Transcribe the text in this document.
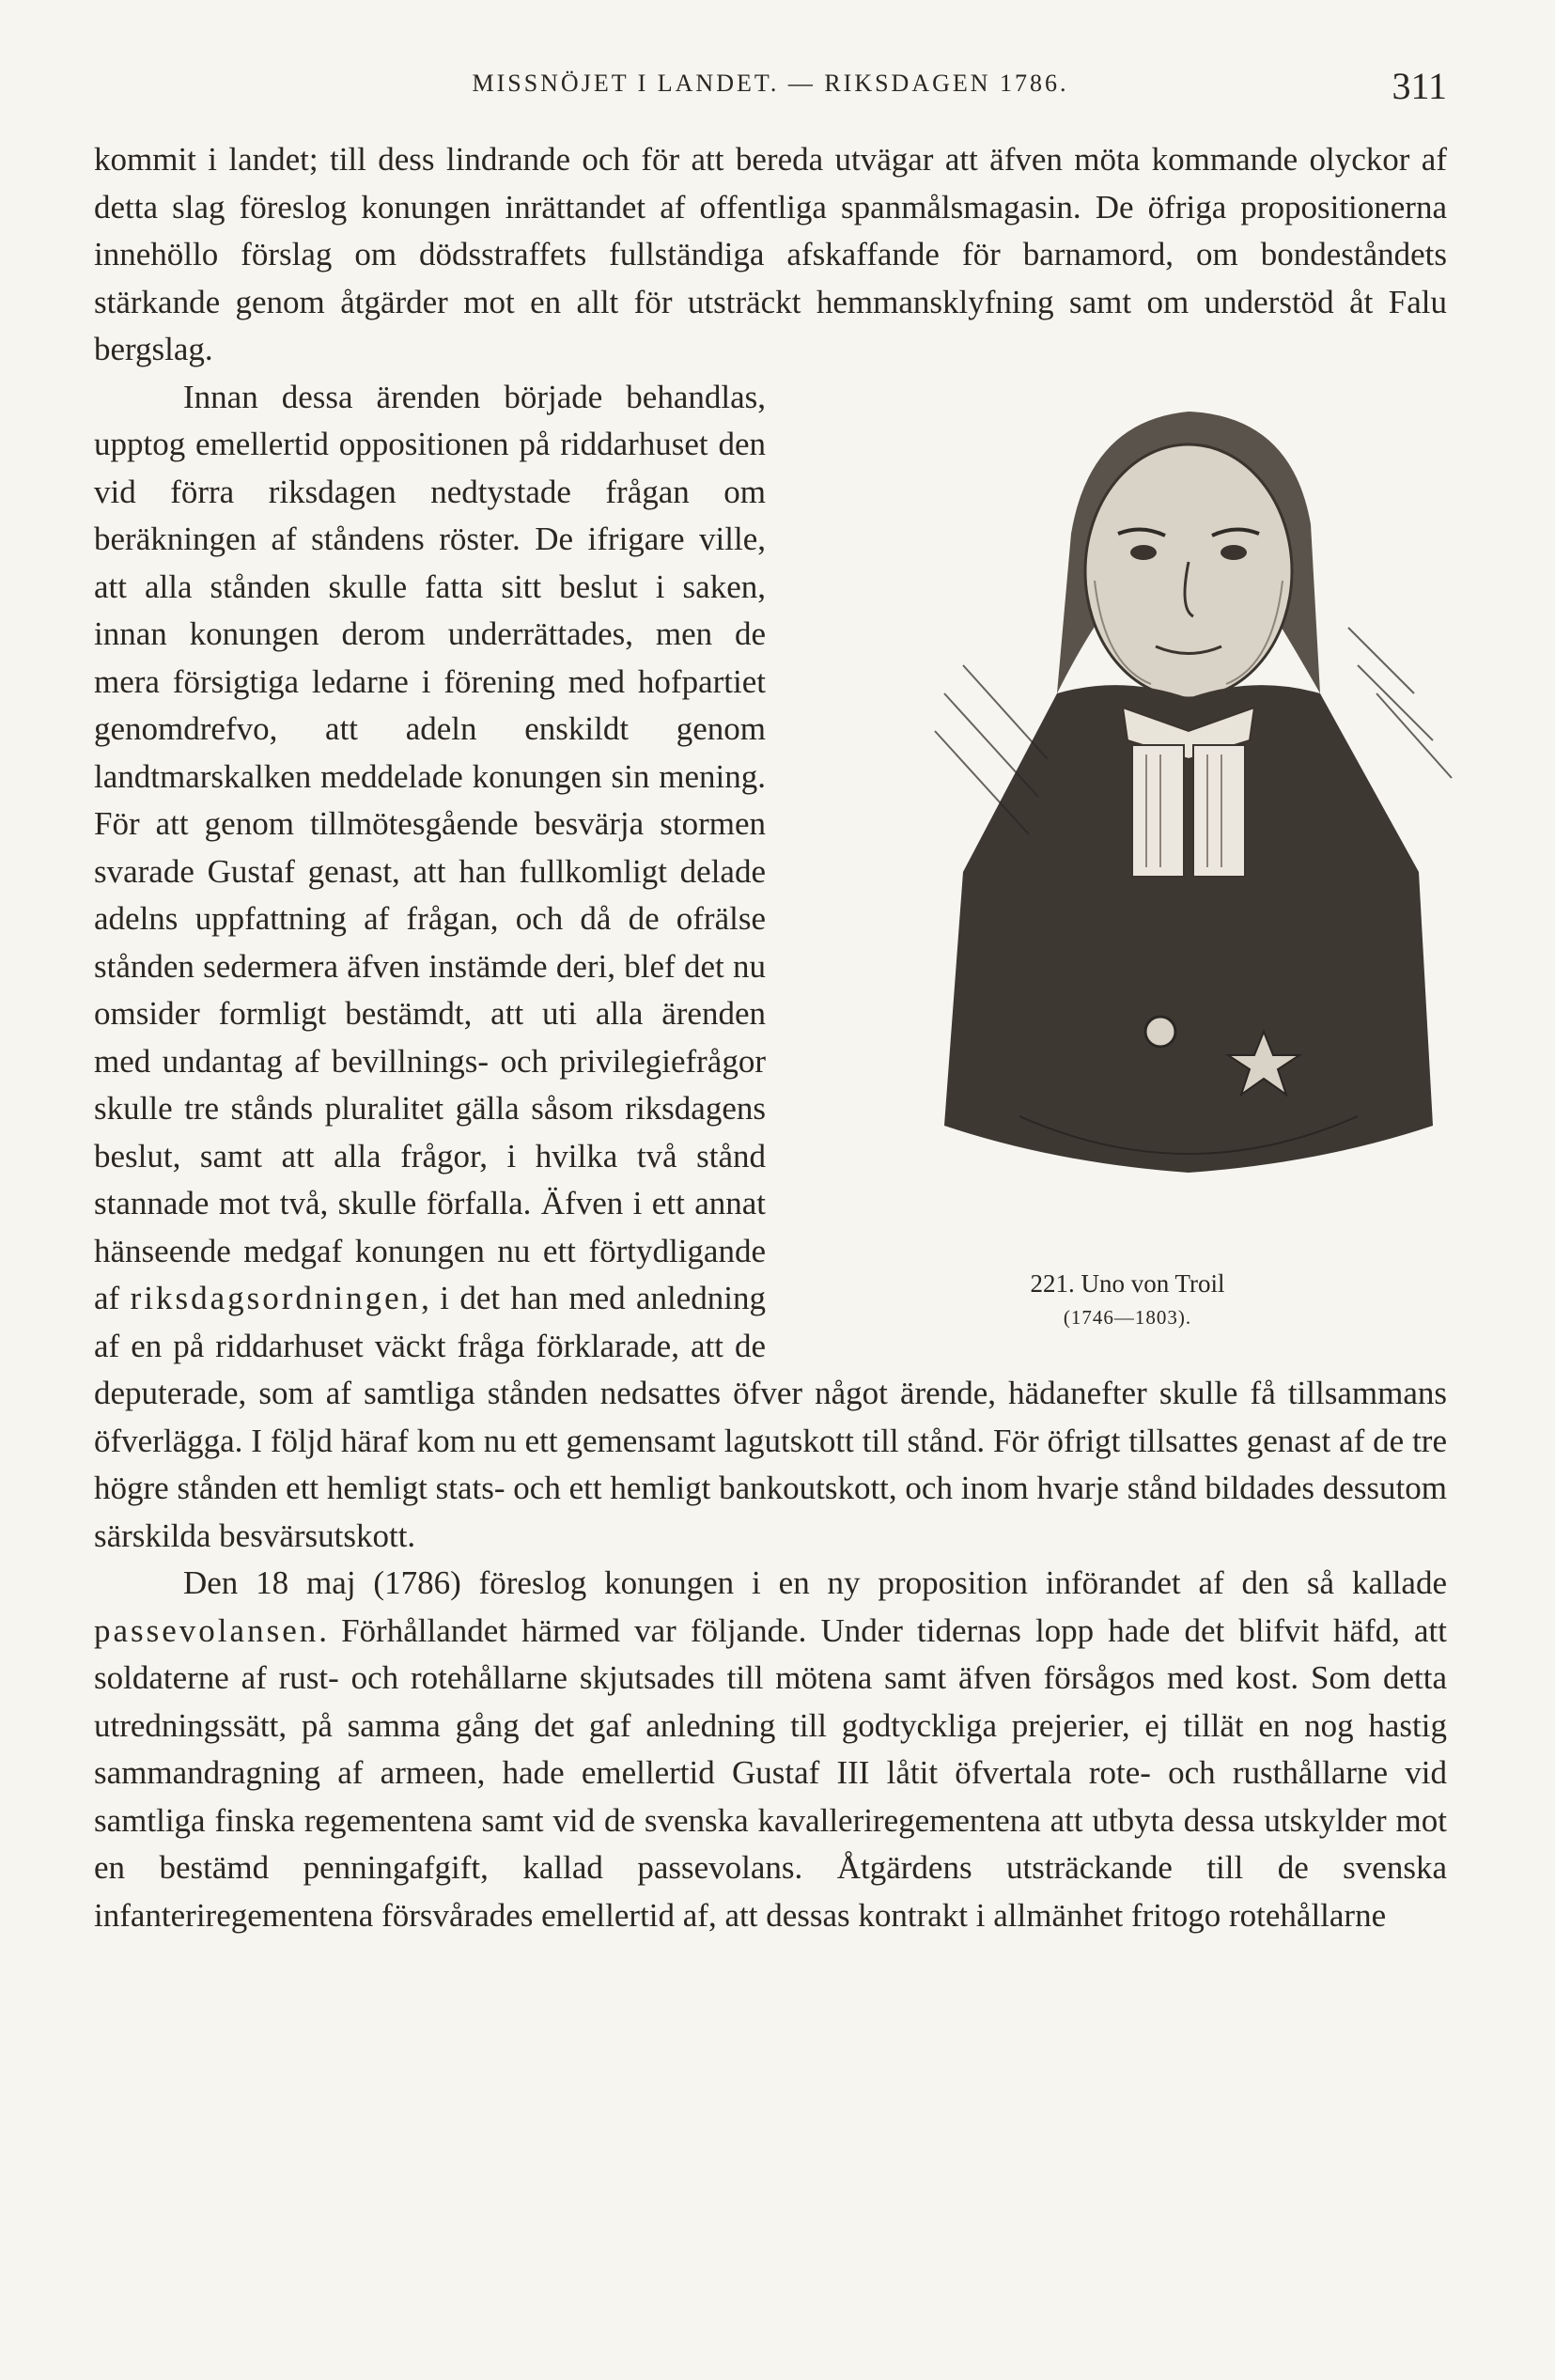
MISSNÖJET I LANDET. — RIKSDAGEN 1786.	311

kommit i landet; till dess lindrande och för att bereda utvägar att äfven möta kommande olyckor af detta slag föreslog konungen inrättandet af offentliga spanmålsmagasin. De öfriga propositionerna innehöllo förslag om dödsstraffets fullständiga afskaffande för barnamord, om bondeståndets stärkande genom åtgärder mot en allt för utsträckt hemmansklyfning samt om understöd åt Falu bergslag.

221. Uno von Troil
(1746—1803).

Innan dessa ärenden började behandlas, upptog emellertid oppositionen på riddarhuset den vid förra riksdagen nedtystade frågan om beräkningen af ståndens röster. De ifrigare ville, att alla stånden skulle fatta sitt beslut i saken, innan konungen derom underrättades, men de mera försigtiga ledarne i förening med hofpartiet genomdrefvo, att adeln enskildt genom landtmarskalken meddelade konungen sin mening. För att genom tillmötesgående besvärja stormen svarade Gustaf genast, att han fullkomligt delade adelns uppfattning af frågan, och då de ofrälse stånden sedermera äfven instämde deri, blef det nu omsider formligt bestämdt, att uti alla ärenden med undantag af bevillnings- och privilegiefrågor skulle tre stånds pluralitet gälla såsom riksdagens beslut, samt att alla frågor, i hvilka två stånd stannade mot två, skulle förfalla. Äfven i ett annat hänseende medgaf konungen nu ett förtydligande af riksdagsordningen, i det han med anledning af en på riddarhuset väckt fråga förklarade, att de deputerade, som af samtliga stånden nedsattes öfver något ärende, hädanefter skulle få tillsammans öfverlägga. I följd häraf kom nu ett gemensamt lagutskott till stånd. För öfrigt tillsattes genast af de tre högre stånden ett hemligt stats- och ett hemligt bankoutskott, och inom hvarje stånd bildades dessutom särskilda besvärsutskott.

Den 18 maj (1786) föreslog konungen i en ny proposition införandet af den så kallade passevolansen. Förhållandet härmed var följande. Under tidernas lopp hade det blifvit häfd, att soldaterne af rust- och rotehållarne skjutsades till mötena samt äfven försågos med kost. Som detta utredningssätt, på samma gång det gaf anledning till godtyckliga prejerier, ej tillät en nog hastig sammandragning af armeen, hade emellertid Gustaf III låtit öfvertala rote- och rusthållarne vid samtliga finska regementena samt vid de svenska kavalleriregementena att utbyta dessa utskylder mot en bestämd penningafgift, kallad passevolans. Åtgärdens utsträckande till de svenska infanteriregementena försvårades emellertid af, att dessas kontrakt i allmänhet fritogo rotehållarne
